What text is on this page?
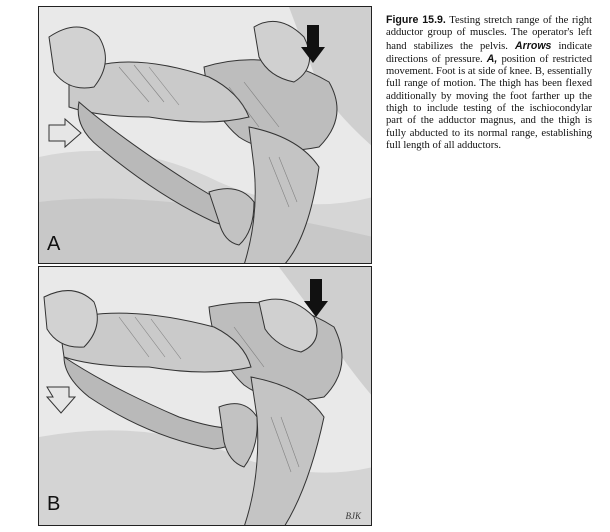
A
B
BJK
Figure 15.9. Testing stretch range of the right adductor group of muscles. The operator's left hand stabilizes the pelvis. Arrows indicate directions of pressure. A, position of restricted movement. Foot is at side of knee. B, essentially full range of motion. The thigh has been flexed additionally by moving the foot farther up the thigh to include testing of the ischiocondylar part of the adductor magnus, and the thigh is fully abducted to its normal range, establishing full length of all adductors.
